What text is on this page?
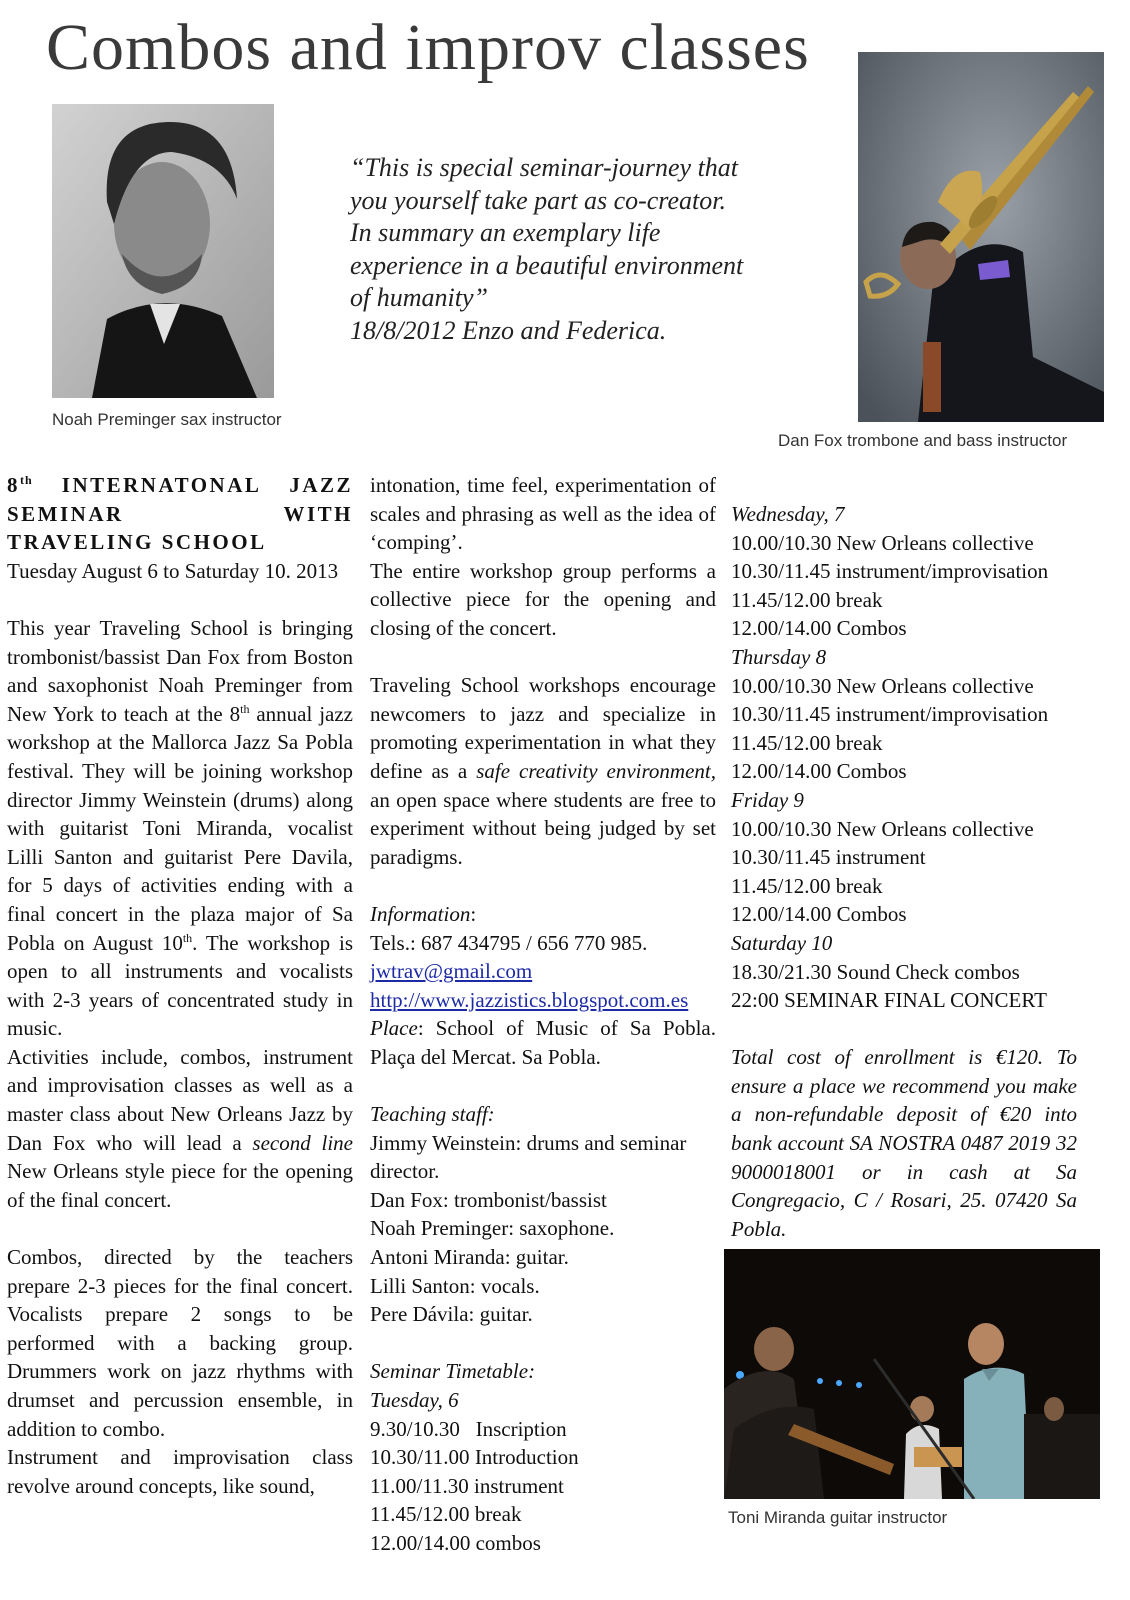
Combos and improv classes
Noah Preminger sax instructor
“This is special seminar-journey that
you yourself take part as co-creator.
In summary an exemplary life
experience in a beautiful environment
of humanity”
18/8/2012 Enzo and Federica.
Dan Fox trombone and bass instructor

8th INTERNATONAL JAZZ SEMINAR WITH TRAVELING SCHOOL

Tuesday August 6 to Saturday 10. 2013

This year Traveling School is bringing trombonist/bassist Dan Fox from Boston and saxophonist Noah Preminger from New York to teach at the 8th annual jazz workshop at the Mallorca Jazz Sa Pobla festival. They will be joining workshop director Jimmy Weinstein (drums) along with guitarist Toni Miranda, vocalist Lilli Santon and guitarist Pere Davila, for 5 days of activities ending with a final concert in the plaza major of Sa Pobla on August 10th. The workshop is open to all instruments and vocalists with 2-3 years of concentrated study in music.

Activities include, combos, instrument and improvisation classes as well as a master class about New Orleans Jazz by Dan Fox who will lead a second line New Orleans style piece for the opening of the final concert.

Combos, directed by the teachers prepare 2-3 pieces for the final concert. Vocalists prepare 2 songs to be performed with a backing group. Drummers work on jazz rhythms with drumset and percussion ensemble, in addition to combo.

Instrument and improvisation class revolve around concepts, like sound,

intonation, time feel, experimentation of scales and phrasing as well as the idea of ‘comping’.

The entire workshop group performs a collective piece for the opening and closing of the concert.

Traveling School workshops encourage newcomers to jazz and specialize in promoting experimentation in what they define as a safe creativity environment, an open space where students are free to experiment without being judged by set paradigms.

Information:

Tels.: 687 434795 / 656 770 985.

jwtrav@gmail.com

http://www.jazzistics.blogspot.com.es

Place: School of Music of Sa Pobla. Plaça del Mercat. Sa Pobla.

Teaching staff:

Jimmy Weinstein: drums and seminar director.

Dan Fox: trombonist/bassist

Noah Preminger: saxophone.

Antoni Miranda: guitar.

Lilli Santon: vocals.

Pere Dávila: guitar.

Seminar Timetable:

Tuesday, 6

9.30/10.30 Inscription

10.30/11.00 Introduction

11.00/11.30 instrument

11.45/12.00 break

12.00/14.00 combos

Wednesday, 7

10.00/10.30 New Orleans collective

10.30/11.45 instrument/improvisation

11.45/12.00 break

12.00/14.00 Combos

Thursday 8

10.00/10.30 New Orleans collective

10.30/11.45 instrument/improvisation

11.45/12.00 break

12.00/14.00 Combos

Friday 9

10.00/10.30 New Orleans collective

10.30/11.45 instrument

11.45/12.00 break

12.00/14.00 Combos

Saturday 10

18.30/21.30 Sound Check combos

22:00 SEMINAR FINAL CONCERT

Total cost of enrollment is €120. To ensure a place we recommend you make a non-refundable deposit of €20 into bank account SA NOSTRA 0487 2019 32 9000018001 or in cash at Sa Congregacio, C / Rosari, 25. 07420 Sa Pobla.

Toni Miranda guitar instructor
